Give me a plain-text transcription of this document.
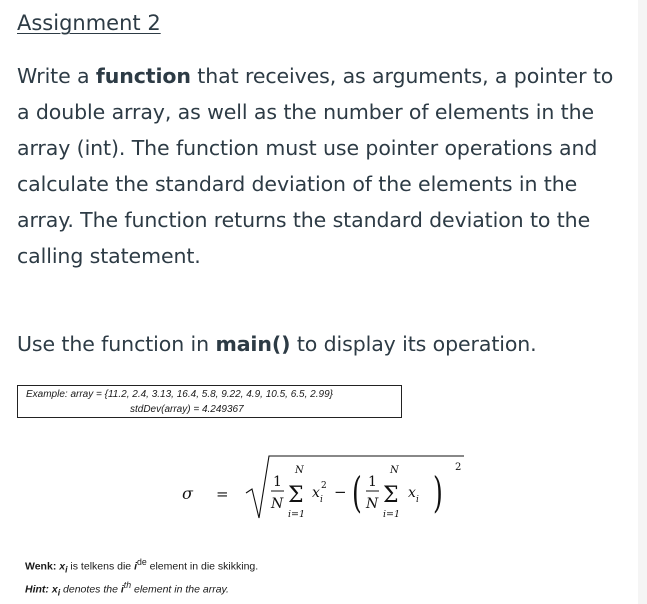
Assignment 2
Write a function that receives, as arguments, a pointer to a double array, as well as the number of elements in the array (int). The function must use pointer operations and calculate the standard deviation of the elements in the array. The function returns the standard deviation to the calling statement.
Use the function in main() to display its operation.
Example: array = {11.2, 2.4, 3.13, 16.4, 5.8, 9.22, 4.9, 10.5, 6.5, 2.99}
stdDev(array) = 4.249367
σ =
1
N
N
Σ
i=1
x 2
i − ( 1
N
N
Σ
i=1
x i )
2
Wenk: $x_i$ is telkens die $i^{de}$ element in die skikking.
Hint: $x_i$ denotes the $i^{th}$ element in the array.
